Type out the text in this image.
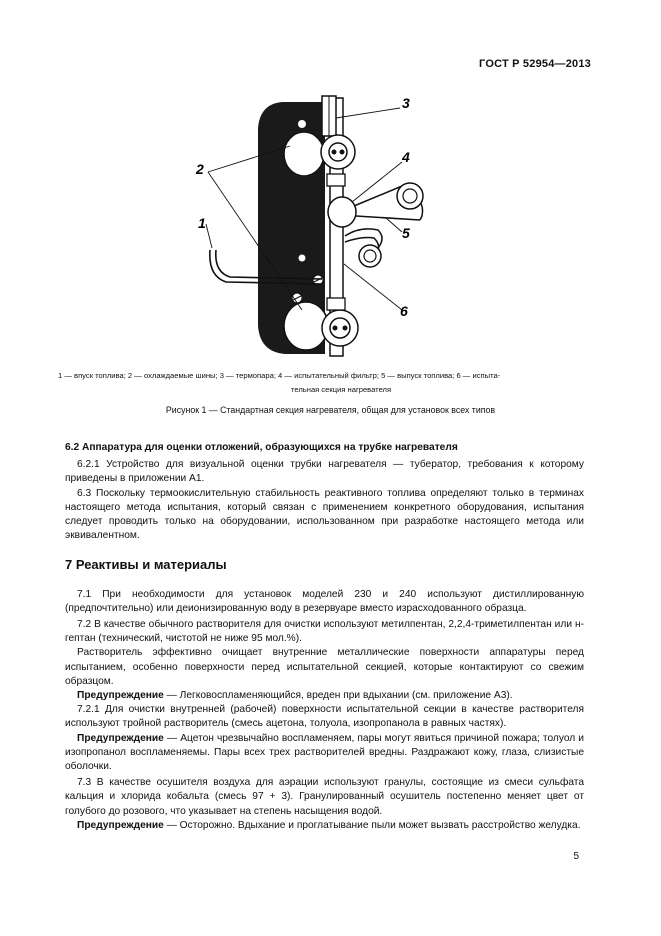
ГОСТ Р 52954—2013
2
1
3
4
5
6
1 — впуск топлива; 2 — охлаждаемые шины; 3 — термопара; 4 — испытательный фильтр; 5 — выпуск топлива; 6 — испыта-
тельная секция нагревателя
Рисунок 1 — Стандартная секция нагревателя, общая для установок всех типов

6.2 Аппаратура для оценки отложений, образующихся на трубке нагревателя

6.2.1 Устройство для визуальной оценки трубки нагревателя — тубератор, требования к которому приведены в приложении А1.

6.3 Поскольку термоокислительную стабильность реактивного топлива определяют только в терминах настоящего метода испытания, который связан с применением конкретного оборудования, испытания следует проводить только на оборудовании, использованном при разработке настоящего метода или эквивалентном.

7 Реактивы и материалы

7.1 При необходимости для установок моделей 230 и 240 используют дистиллированную (предпочтительно) или деионизированную воду в резервуаре вместо израсходованного образца.

7.2 В качестве обычного растворителя для очистки используют метилпентан, 2,2,4-триметилпентан или н-гептан (технический, чистотой не ниже 95 мол.%).

Растворитель эффективно очищает внутренние металлические поверхности аппаратуры перед испытанием, особенно поверхности перед испытательной секцией, которые контактируют со свежим образцом.

Предупреждение — Легковоспламеняющийся, вреден при вдыхании (см. приложение А3).

7.2.1 Для очистки внутренней (рабочей) поверхности испытательной секции в качестве растворителя используют тройной растворитель (смесь ацетона, толуола, изопропанола в равных частях).

Предупреждение — Ацетон чрезвычайно воспламеняем, пары могут явиться причиной пожара; толуол и изопропанол воспламеняемы. Пары всех трех растворителей вредны. Раздражают кожу, глаза, слизистые оболочки.

7.3 В качестве осушителя воздуха для аэрации используют гранулы, состоящие из смеси сульфата кальция и хлорида кобальта (смесь 97 + 3). Гранулированный осушитель постепенно меняет цвет от голубого до розового, что указывает на степень насыщения водой.

Предупреждение — Осторожно. Вдыхание и проглатывание пыли может вызвать расстройство желудка.

5
